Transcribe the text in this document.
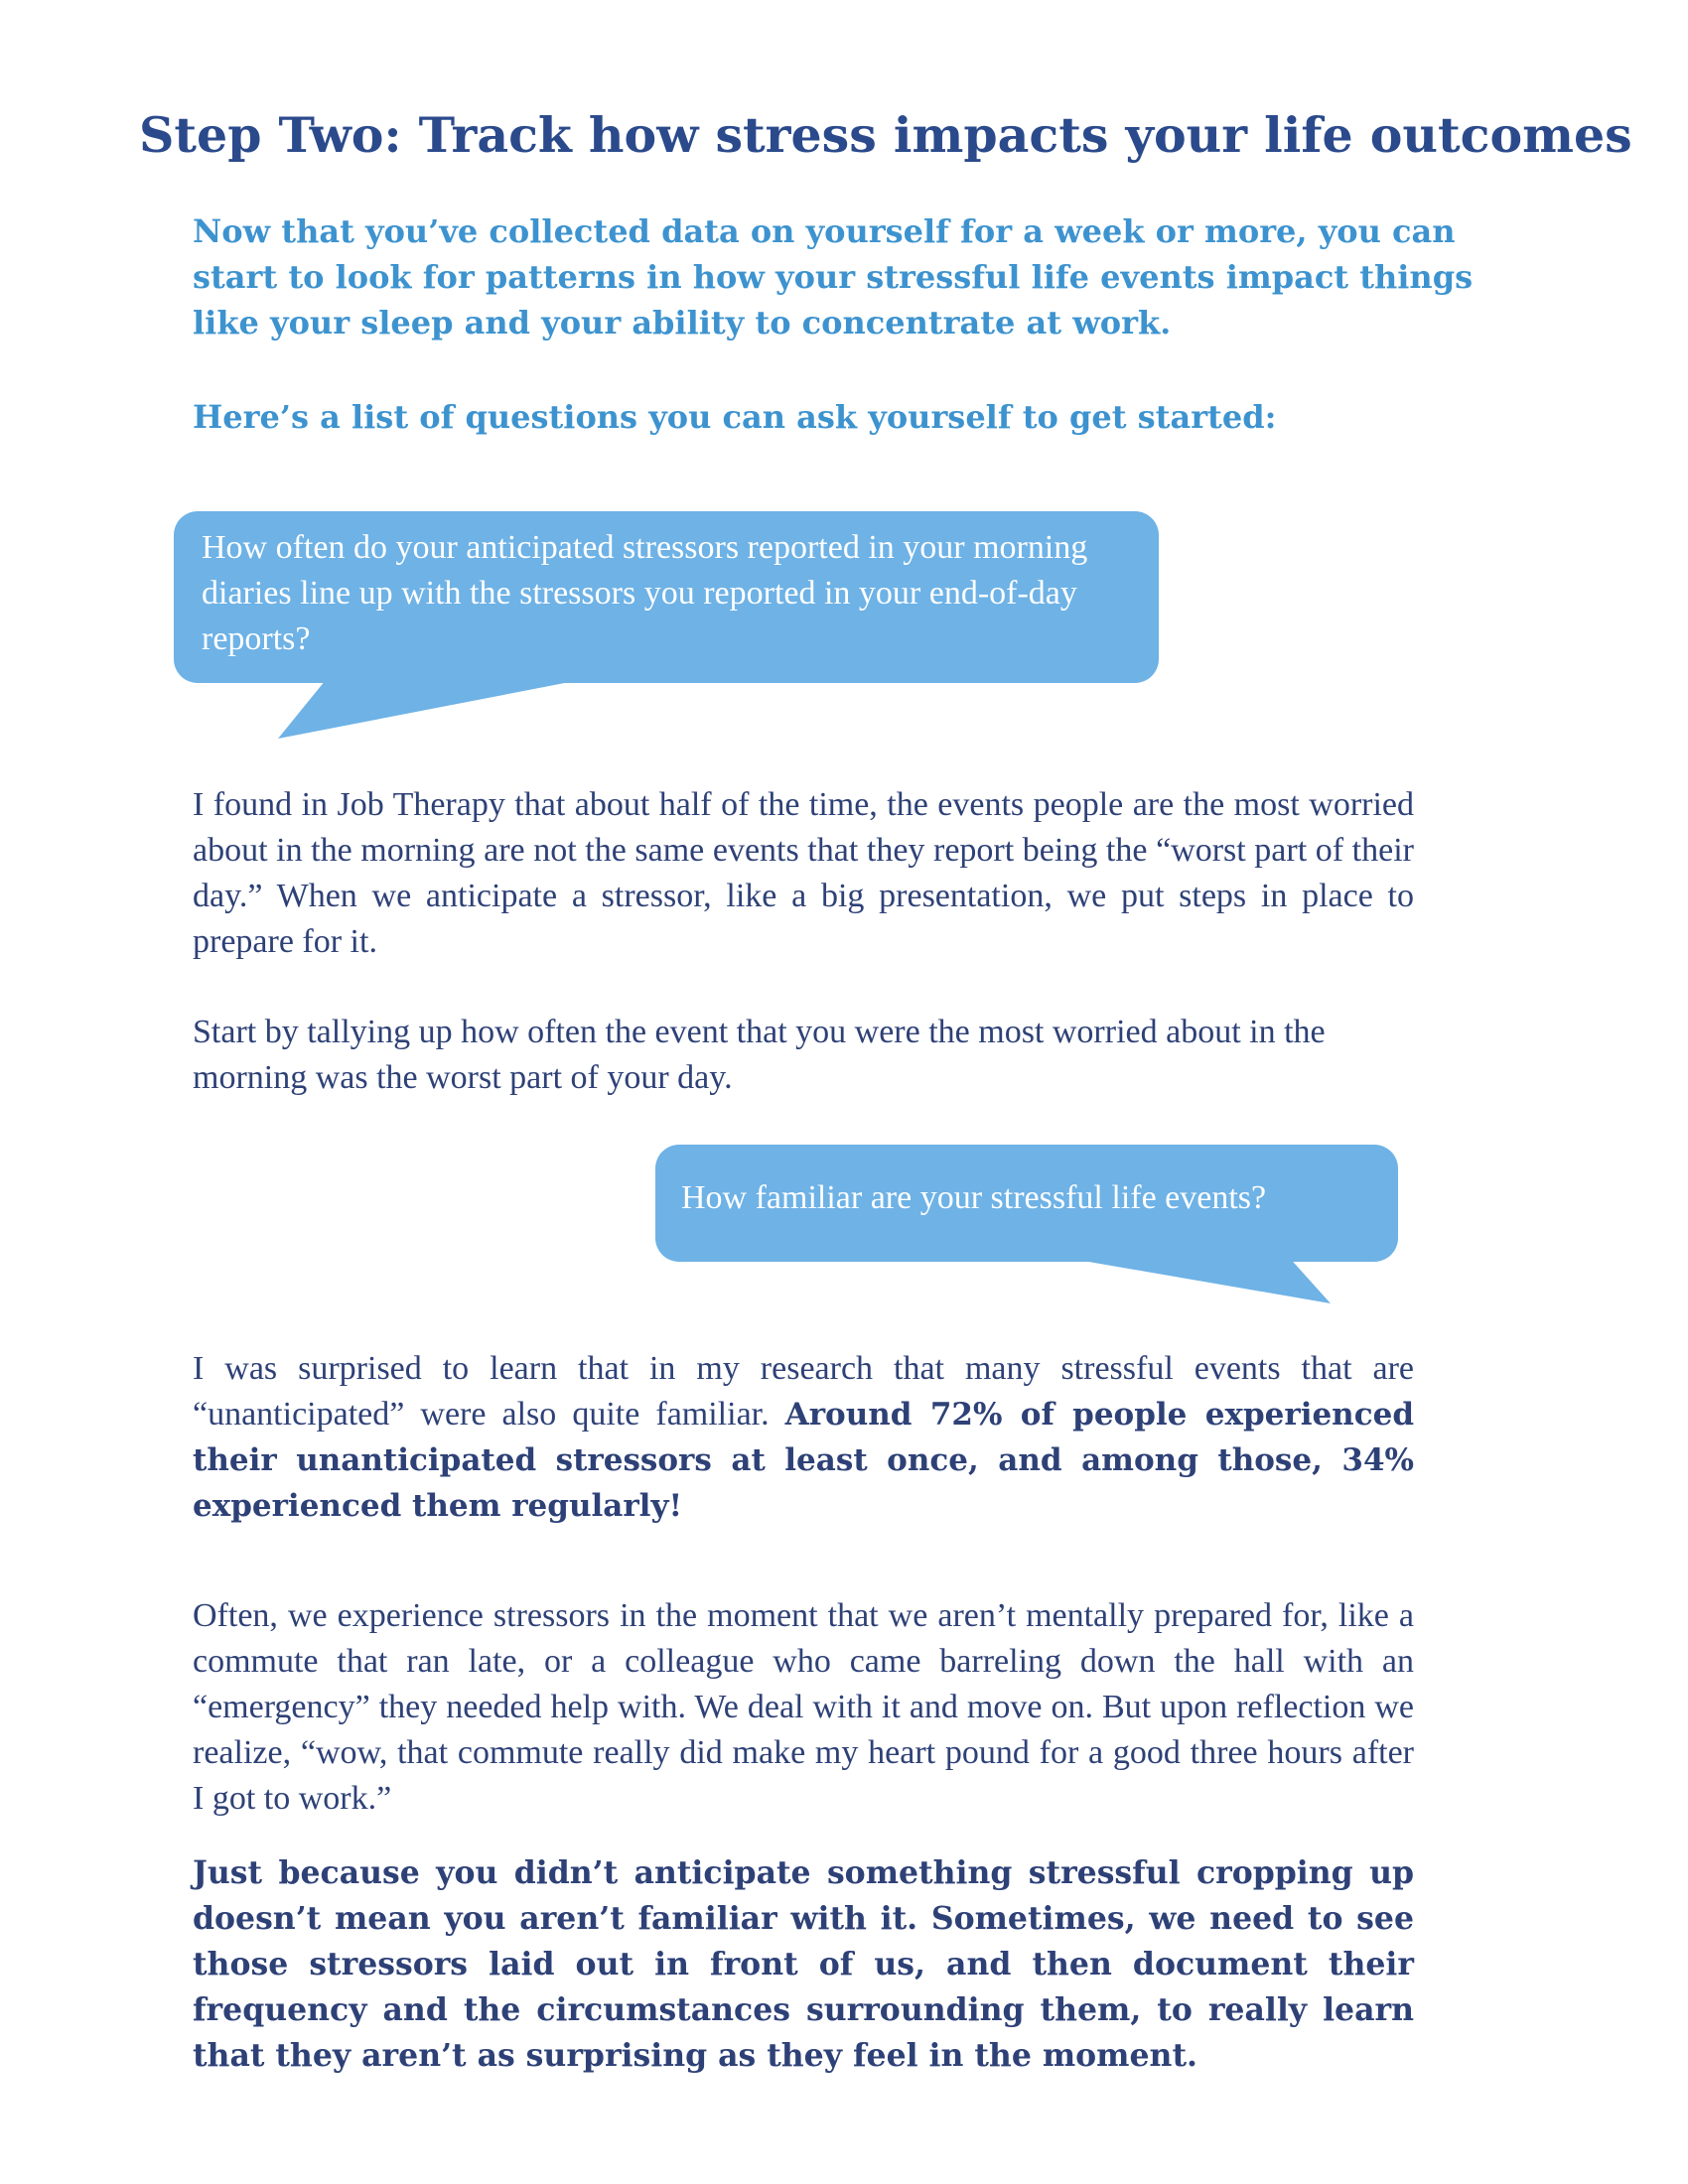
Step Two: Track how stress impacts your life outcomes

Now that you’ve collected data on yourself for a week or more, you can start to look for patterns in how your stressful life events impact things like your sleep and your ability to concentrate at work.

Here’s a list of questions you can ask yourself to get started:

How often do your anticipated stressors reported in your morning diaries line up with the stressors you reported in your end-of-day reports?

I found in Job Therapy that about half of the time, the events people are the most worried about in the morning are not the same events that they report being the “worst part of their day.” When we anticipate a stressor, like a big presentation, we put steps in place to prepare for it.

Start by tallying up how often the event that you were the most worried about in the morning was the worst part of your day.

How familiar are your stressful life events?

I was surprised to learn that in my research that many stressful events that are “unanticipated” were also quite familiar. Around 72% of people experienced their unanticipated stressors at least once, and among those, 34% experienced them regularly!

Often, we experience stressors in the moment that we aren’t mentally prepared for, like a commute that ran late, or a colleague who came barreling down the hall with an “emergency” they needed help with. We deal with it and move on. But upon reflection we realize, “wow, that commute really did make my heart pound for a good three hours after I got to work.”

Just because you didn’t anticipate something stressful cropping up doesn’t mean you aren’t familiar with it. Sometimes, we need to see those stressors laid out in front of us, and then document their frequency and the circumstances surrounding them, to really learn that they aren’t as surprising as they feel in the moment.
